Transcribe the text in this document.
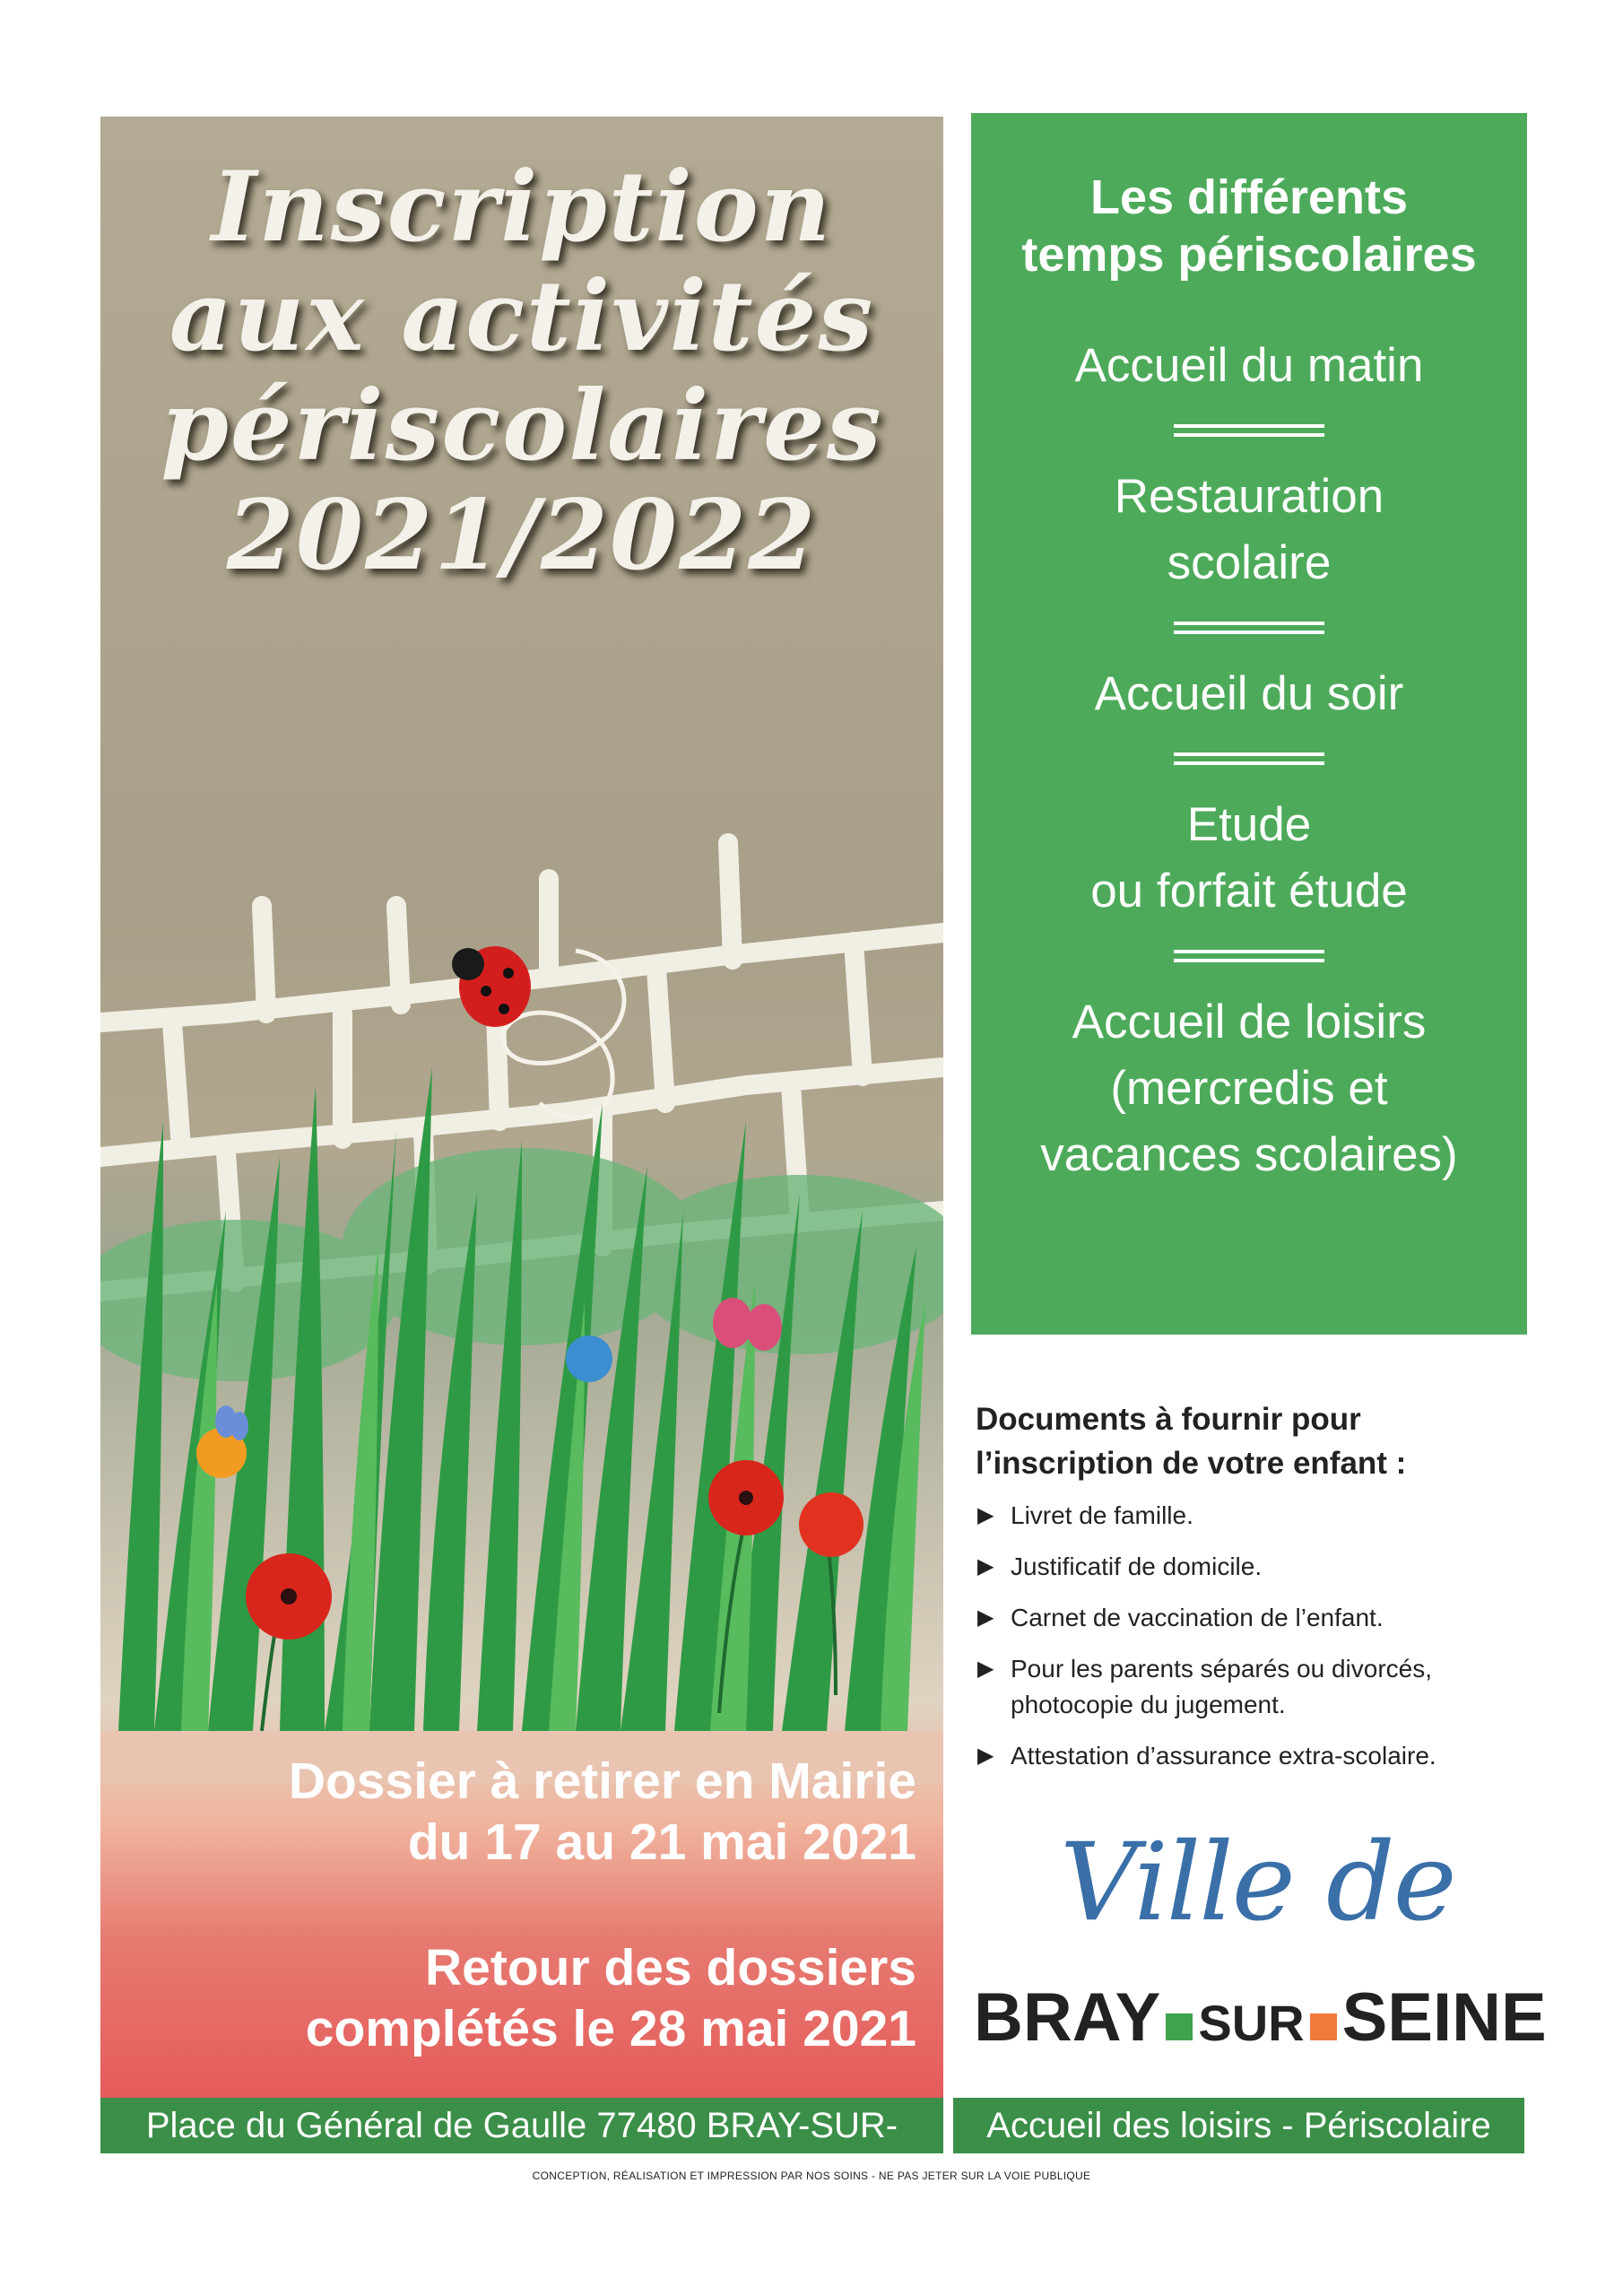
Inscription
aux activités
périscolaires
2021/2022

Dossier à retirer en Mairie

du 17 au 21 mai 2021

Retour des dossiers
complétés le 28 mai 2021
Les différents
temps périscolaires
Accueil du matin
Restauration
scolaire
Accueil du soir
Etude
ou forfait étude
Accueil de loisirs
(mercredis et
vacances scolaires)
Documents à fournir pour
l’inscription de votre enfant :
▶ Livret de famille.
▶ Justificatif de domicile.
▶ Carnet de vaccination de l’enfant.
▶ Pour les parents séparés ou divorcés,
photocopie du jugement.
▶ Attestation d’assurance extra-scolaire.
Ville de
BRAY SUR SEINE
Place du Général de Gaulle 77480 BRAY-SUR-SEINE
Accueil des loisirs - Périscolaire
CONCEPTION, RÉALISATION ET IMPRESSION PAR NOS SOINS - NE PAS JETER SUR LA VOIE PUBLIQUE
